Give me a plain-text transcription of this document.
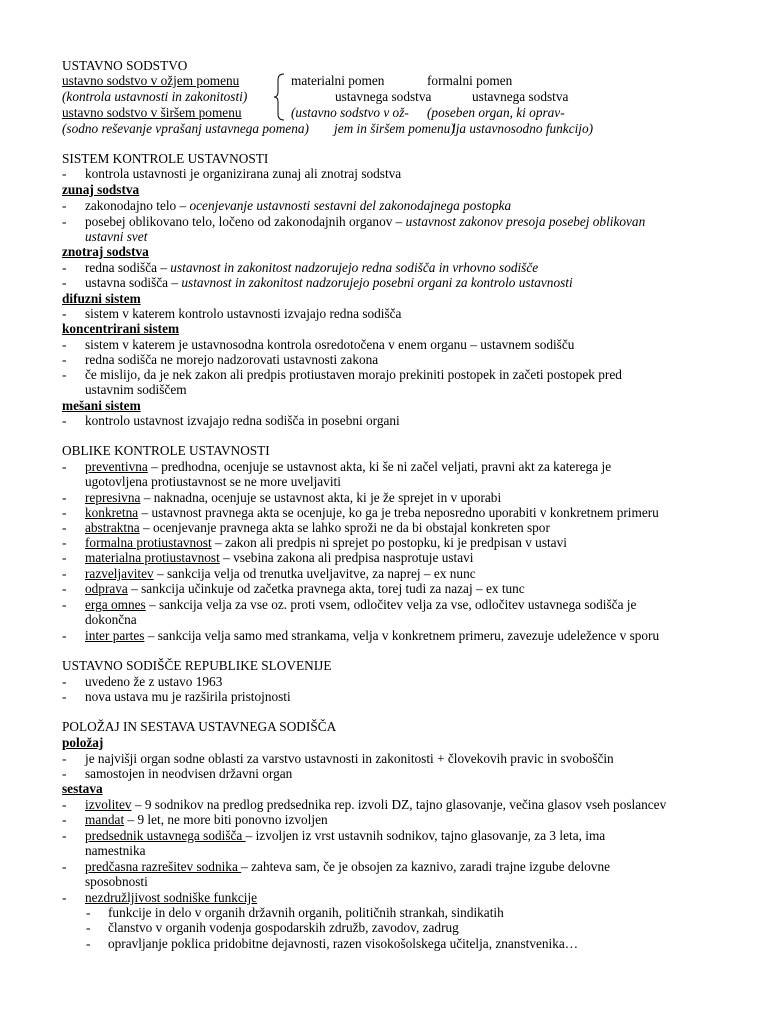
USTAVNO SODSTVO
ustavno sodstvo v ožjem pomenu
(kontrola ustavnosti in zakonitosti)
ustavno sodstvo v širšem pomenu
(sodno reševanje vprašanj ustavnega pomena)
materialni pomen
ustavnega sodstva
(ustavno sodstvo v ož-
jem in širšem pomenu)
formalni pomen
ustavnega sodstva
(poseben organ, ki oprav-
lja ustavnosodno funkcijo)
SISTEM KONTROLE USTAVNOSTI
- kontrola ustavnosti je organizirana zunaj ali znotraj sodstva
zunaj sodstva
- zakonodajno telo – ocenjevanje ustavnosti sestavni del zakonodajnega postopka
- posebej oblikovano telo, ločeno od zakonodajnih organov – ustavnost zakonov presoja posebej oblikovan
ustavni svet
znotraj sodstva
- redna sodišča – ustavnost in zakonitost nadzorujejo redna sodišča in vrhovno sodišče
- ustavna sodišča – ustavnost in zakonitost nadzorujejo posebni organi za kontrolo ustavnosti
difuzni sistem
- sistem v katerem kontrolo ustavnosti izvajajo redna sodišča
koncentrirani sistem
- sistem v katerem je ustavnosodna kontrola osredotočena v enem organu – ustavnem sodišču
- redna sodišča ne morejo nadzorovati ustavnosti zakona
- če mislijo, da je nek zakon ali predpis protiustaven morajo prekiniti postopek in začeti postopek pred
ustavnim sodiščem
mešani sistem
- kontrolo ustavnost izvajajo redna sodišča in posebni organi
OBLIKE KONTROLE USTAVNOSTI
- preventivna – predhodna, ocenjuje se ustavnost akta, ki še ni začel veljati, pravni akt za katerega je
ugotovljena protiustavnost se ne more uveljaviti
- represivna – naknadna, ocenjuje se ustavnost akta, ki je že sprejet in v uporabi
- konkretna – ustavnost pravnega akta se ocenjuje, ko ga je treba neposredno uporabiti v konkretnem primeru
- abstraktna – ocenjevanje pravnega akta se lahko sproži ne da bi obstajal konkreten spor
- formalna protiustavnost – zakon ali predpis ni sprejet po postopku, ki je predpisan v ustavi
- materialna protiustavnost – vsebina zakona ali predpisa nasprotuje ustavi
- razveljavitev – sankcija velja od trenutka uveljavitve, za naprej – ex nunc
- odprava – sankcija učinkuje od začetka pravnega akta, torej tudi za nazaj – ex tunc
- erga omnes – sankcija velja za vse oz. proti vsem, odločitev velja za vse, odločitev ustavnega sodišča je
dokončna
- inter partes – sankcija velja samo med strankama, velja v konkretnem primeru, zavezuje udeležence v sporu
USTAVNO SODIŠČE REPUBLIKE SLOVENIJE
- uvedeno že z ustavo 1963
- nova ustava mu je razširila pristojnosti
POLOŽAJ IN SESTAVA USTAVNEGA SODIŠČA
položaj
- je najvišji organ sodne oblasti za varstvo ustavnosti in zakonitosti + človekovih pravic in svoboščin
- samostojen in neodvisen državni organ
sestava
- izvolitev – 9 sodnikov na predlog predsednika rep. izvoli DZ, tajno glasovanje, večina glasov vseh poslancev
- mandat – 9 let, ne more biti ponovno izvoljen
- predsednik ustavnega sodišča – izvoljen iz vrst ustavnih sodnikov, tajno glasovanje, za 3 leta, ima
namestnika
- predčasna razrešitev sodnika – zahteva sam, če je obsojen za kaznivo, zaradi trajne izgube delovne
sposobnosti
- nezdružljivost sodniške funkcije
- funkcije in delo v organih državnih organih, političnih strankah, sindikatih
- članstvo v organih vodenja gospodarskih združb, zavodov, zadrug
- opravljanje poklica pridobitne dejavnosti, razen visokošolskega učitelja, znanstvenika…
